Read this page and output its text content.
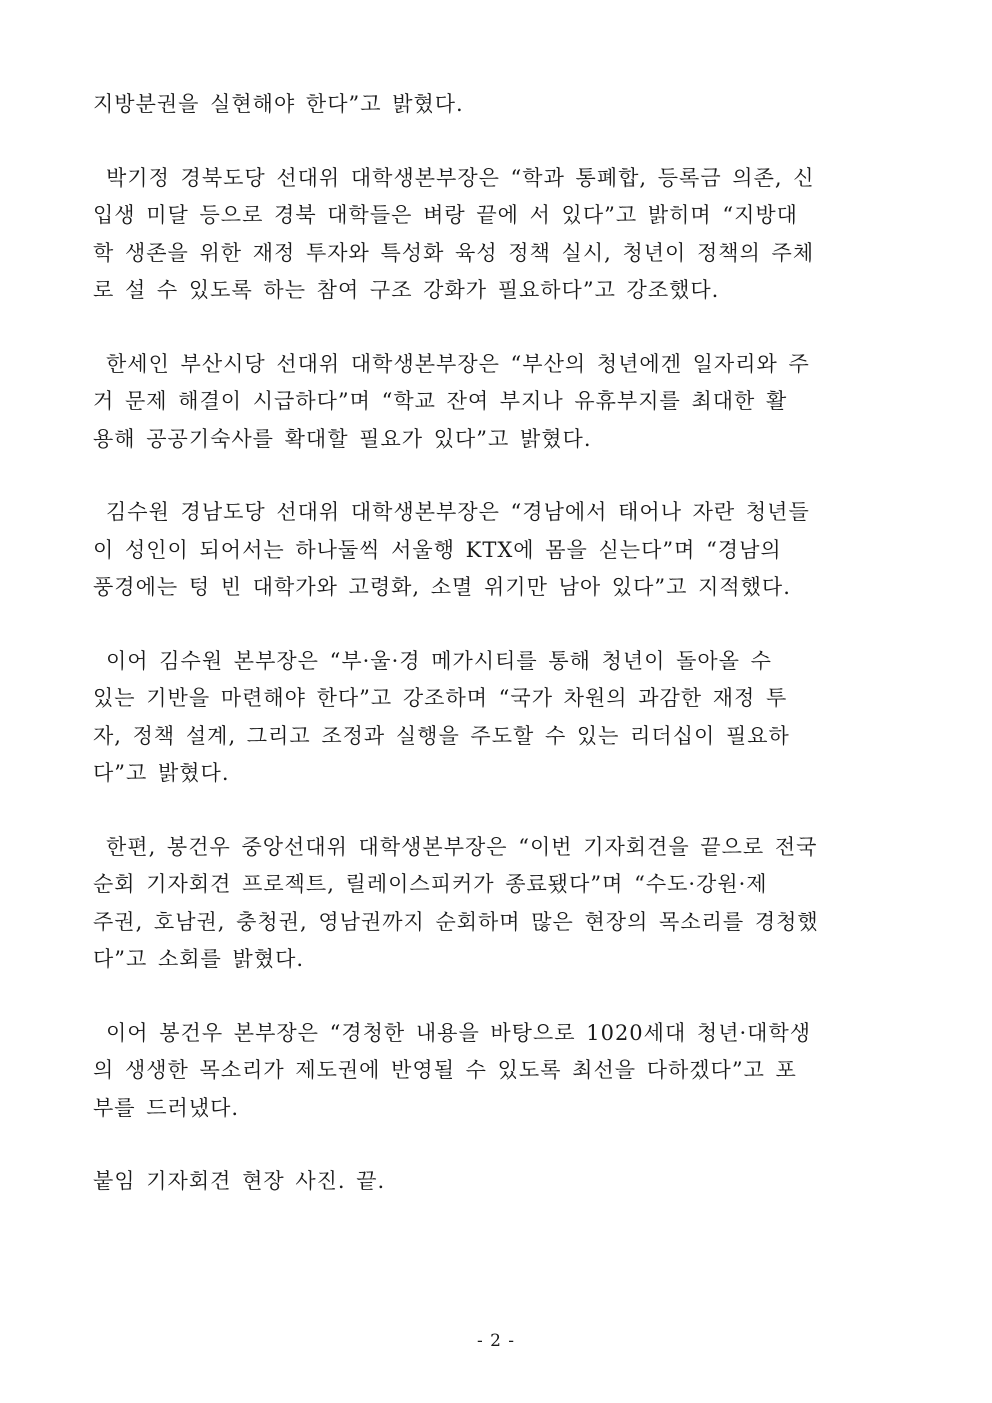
지방분권을 실현해야 한다”고 밝혔다.

박기정 경북도당 선대위 대학생본부장은 “학과 통폐합, 등록금 의존, 신
입생 미달 등으로 경북 대학들은 벼랑 끝에 서 있다”고 밝히며 “지방대
학 생존을 위한 재정 투자와 특성화 육성 정책 실시, 청년이 정책의 주체
로 설 수 있도록 하는 참여 구조 강화가 필요하다”고 강조했다.

한세인 부산시당 선대위 대학생본부장은 “부산의 청년에겐 일자리와 주
거 문제 해결이 시급하다”며 “학교 잔여 부지나 유휴부지를 최대한 활
용해 공공기숙사를 확대할 필요가 있다”고 밝혔다.

김수원 경남도당 선대위 대학생본부장은 “경남에서 태어나 자란 청년들
이 성인이 되어서는 하나둘씩 서울행 KTX에 몸을 싣는다”며 “경남의
풍경에는 텅 빈 대학가와 고령화, 소멸 위기만 남아 있다”고 지적했다.

이어 김수원 본부장은 “부·울·경 메가시티를 통해 청년이 돌아올 수
있는 기반을 마련해야 한다”고 강조하며 “국가 차원의 과감한 재정 투
자, 정책 설계, 그리고 조정과 실행을 주도할 수 있는 리더십이 필요하
다”고 밝혔다.

한편, 봉건우 중앙선대위 대학생본부장은 “이번 기자회견을 끝으로 전국
순회 기자회견 프로젝트, 릴레이스피커가 종료됐다”며 “수도·강원·제
주권, 호남권, 충청권, 영남권까지 순회하며 많은 현장의 목소리를 경청했
다”고 소회를 밝혔다.

이어 봉건우 본부장은 “경청한 내용을 바탕으로 1020세대 청년·대학생
의 생생한 목소리가 제도권에 반영될 수 있도록 최선을 다하겠다”고 포
부를 드러냈다.

붙임 기자회견 현장 사진. 끝.

- 2 -
